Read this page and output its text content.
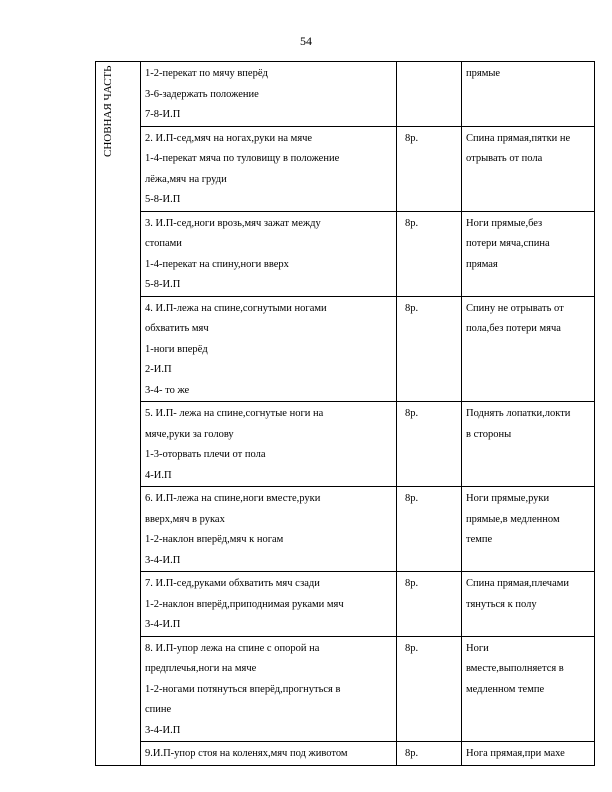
54
СНОВНАЯ ЧАСТЬ	1-2-перекат по мячу вперёд
3-6-задержать положение
7-8-И.П		прямые

	2. И.П-сед,мяч на ногах,руки на мяче
1-4-перекат мяча по туловищу в положение
лёжа,мяч на груди
5-8-И.П	8р.	Спина прямая,пятки не
отрывать от пола

	3. И.П-сед,ноги врозь,мяч зажат между
стопами
1-4-перекат на спину,ноги вверх
5-8-И.П	8р.	Ноги прямые,без
потери мяча,спина
прямая

	4. И.П-лежа на спине,согнутыми ногами
обхватить мяч
1-ноги вперёд
2-И.П
3-4- то же	8р.	Спину не отрывать от
пола,без потери мяча

	5. И.П- лежа на спине,согнутые ноги на
мяче,руки за голову
1-3-оторвать плечи от пола
4-И.П	8р.	Поднять лопатки,локти
в стороны

	6. И.П-лежа на спине,ноги вместе,руки
вверх,мяч в руках
1-2-наклон вперёд,мяч к ногам
3-4-И.П	8р.	Ноги прямые,руки
прямые,в медленном
темпе

	7. И.П-сед,руками обхватить мяч сзади
1-2-наклон вперёд,приподнимая руками мяч
3-4-И.П	8р.	Спина прямая,плечами
тянуться к полу

	8. И.П-упор лежа на спине с опорой на
предплечья,ноги на мяче
1-2-ногами потянуться вперёд,прогнуться в
спине
3-4-И.П	8р.	Ноги
вместе,выполняется в
медленном темпе

	9.И.П-упор стоя на коленях,мяч под животом	8р.	Нога прямая,при махе
